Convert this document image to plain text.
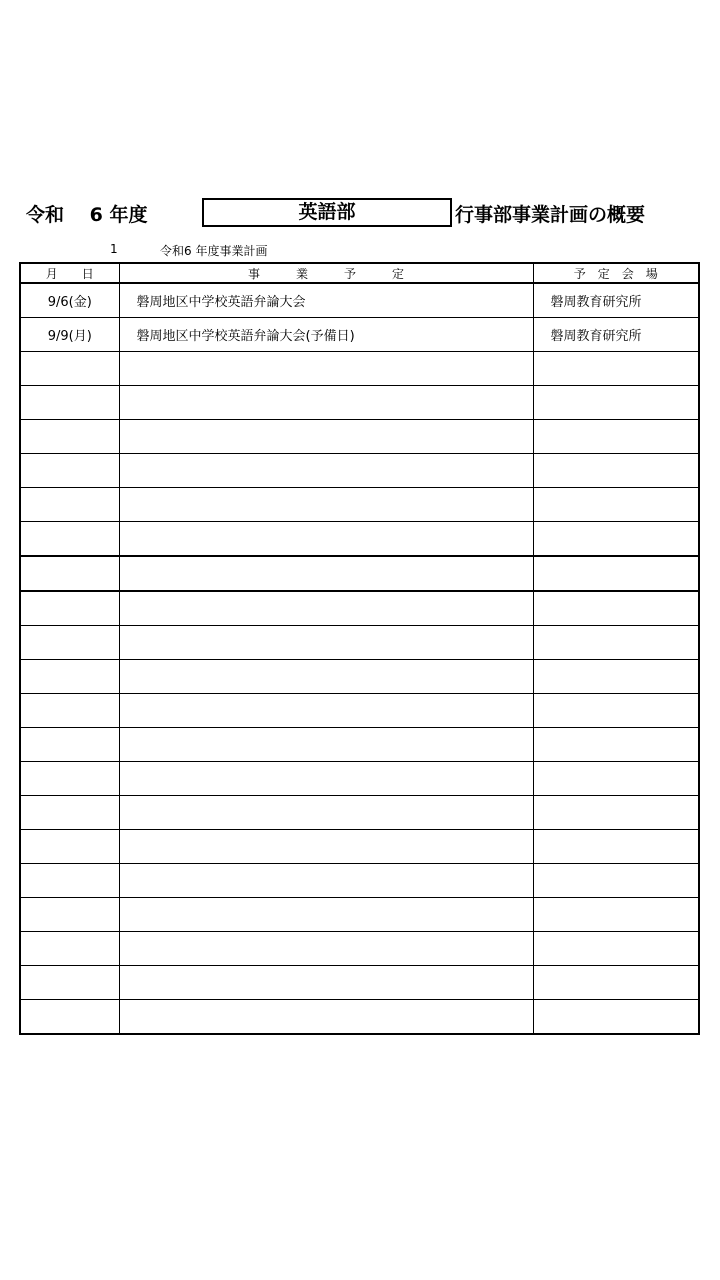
令和　 6 年度	英語部	行事部事業計画の概要
1	令和6 年度事業計画
月　　日	事　　　業　　　予　　　定	予　定　会　場
9/6(金)	磐周地区中学校英語弁論大会	磐周教育研究所
9/9(月)	磐周地区中学校英語弁論大会(予備日)	磐周教育研究所
